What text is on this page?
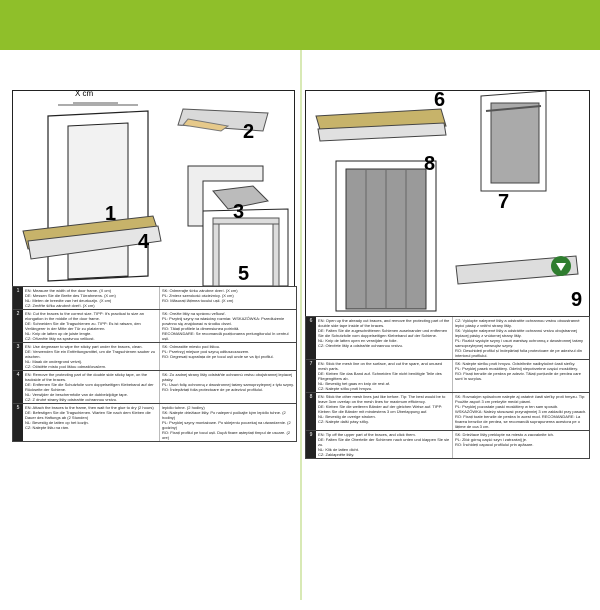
X cm
1
2
3
4
5
1	EN: Measure the width of the door frame. (X cm)
DE: Messen Sie die Breite des Türrahmens. (X cm)
NL: Meten de breedte van het deurkozijn. (X cm)
CZ: Změřte šířku zárubně dveří. (X cm)
SK: Odmerajte šírku zárubne dverí. (X cm)
PL: Zmierz szerokość ościeżnicy. (X cm)
RO: Măsurați lățimea tocului ușii. (X cm)
2	EN: Cut the braces to the correct size. TIPP: It's practical to size an elongation in the middle of the door frame.
DE: Schneiden Sie die Tragschienen zu. TIPP: Es ist ratsam, den Verlängerer in der Mitte der Tür zu platzieren.
NL: Knip de latten op de juiste lengte.
CZ: Ořízněte lišty na správnou velikost.
SK: Orežte lišty na správnu veľkosť.
PL: Przytnij szyny na właściwy rozmiar. WSKAZÓWKA: Przedłużenie powinno się znajdować w środku drzwi.
RO: Tăiați profilele la dimensiunea potrivită.
RECOMANDARE: Se recomandă poziționarea prelungitorului în centrul ușii.
3	EN: Use degreaser to wipe the sticky part under the braces, clean.
DE: Verwenden Sie ein Entfettungsmittel, um die Tragschienen sauber zu wischen.
NL: Maak de ondergrond vetvrij.
CZ: Očistěte místo pod lištou odmašťovačem.
SK: Odmastite miesto pod lištou.
PL: Przetrzyj miejsce pod szyną odtłuszczaczem.
RO: Degresați suprafața de pe tocul ușii unde se va lipi profilul.
4	EN: Remove the protecting part of the double side sticky tape, on the backside of the braces.
DE: Entfernen Sie die Schutzfolie vom doppelseitigen Klebeband auf der Rückseite der Schiene.
NL: Verwijder de beschermfolie van de dubbelzijdige tape.
CZ: Z druhé strany lišty odstraňte ochrannou vrstvu.
SK: Zo zadnej strany lišty odstráňte ochrannú vrstvu obojstrannej lepiacej pásky.
PL: Usuń folię ochronną z dwustronnej taśmy samoprzylepnej z tyłu szyny.
RO: Îndepărtați folia protectoare de pe adezivul profilului.
5	EN: Attach the braces to the frame, then wait for the glue to dry (2 hours)
DE: Befestigen Sie die Tragschienen. Warten Sie nach dem Kleben die Dauer des Haftungs ab (2 Stunden)
NL: Bevestig de latten op het kozijn.
CZ: Nalepte lištu na rám.
lepidlo tuhne. (2 hodiny)
SK: Nalepte driežiace lišty. Po nalepení počkajte kým lepidlo tuhne. (2 hodiny)
PL: Przyklej szyny montażowe. Po sklejeniu poczekaj na utwardzenie. (2 godziny)
RO: Fixați profilul pe tocul ușii. După fixare așteptați timpul de uscare. (2 ore)
6
7
8
9
6	EN: Open up the already cut braces, and remove the protecting part of the double side tape inside of the braces.
DE: Falten Sie die zugeschnittenen Schienen auseinander und entfernen Sie die Schutzfolie vom doppelseitigen Klebeband auf der Schiene.
NL: Knip de latten open en verwijder de folie.
CZ: Otevřete lišty a odstraňte ochrannou vrstvu.
CZ: Vyklopte nalepené lišty a odstraňte ochrannou vrstvu oboustranné lepicí pásky z vnitřní strany lišty.
SK: Vyklopte nalepené lišty a odstráňte ochrannú vrstvu obojstrannej lepiacej pásky z vnútornej strany lišty.
PL: Rozłóż wycięte szyny i usuń warstwę ochronną z dwustronnej taśmy samoprzylepnej wewnątrz szyny.
RO: Deschideți profilul și îndepărtați folia protectoare de pe adezivul din interiorul profilului.
7	EN: Stick the mesh line on the surface, and cut the spare, and unused mesh parts.
DE: Kleben Sie das Band auf. Schneiden Sie nicht benötigte Teile des Fliegengitters ab.
NL: Bevestig het gaas en knip de rest af.
CZ: Nalepte síťku proti hmyzu.
SK: Nalepte sieťku proti hmyzu. Odstrihnite nadbytočné časti sieťky.
PL: Przyklej pasek moskitiery. Odetnij niepotrzebne części moskitiery.
RO: Fixați benzile de perdea pe adeziv. Tăiați porțiunile de perdea care sunt în surplus.
8	EN: Stick the other mesh lines just like before. Tip: The best would be to leave 3cm overlap on the mesh lines for maximum efficiency.
DE: Kleben Sie die weiteren Bänder auf der gleichen Weise auf. TIPP: Kleben Sie die Bänder mit mindestens 3 cm Überlappung auf.
NL: Bevestig de overige stroken.
CZ: Nalepte další pásy síťky.
SK: Rovnakým spôsobom nalepte aj ostatné časti sieťky proti hmyzu. Tip: Použite aspoň 3 cm prekrytie medzi pásmi.
PL: Przyklej pozostałe paski moskitiery w ten sam sposób. WSKAZÓWKA: Należy stosować przynajmniej 3 cm zakładki przy pasach.
RO: Fixați toate benzile de perdea în acest mod. RECOMANDARE: La fixarea benzilor de perdea, se recomandă suprapunerea acestora pe o lățime de cca 3 cm.
9	EN: Tip off the upper part of the braces, and click them.
DE: Falten Sie die Oberteile der Schienen nach unten und klappen Sie sie zu.
NL: Klik de latten dicht.
CZ: Zaklapněte lišty.
SK: Driežiace lišty preklopte na miesto a zacvaknite ich.
PL: Złóż górną część szyn i zatrzaśnij je.
RO: Închideți capacul profilului prin apăsare.
